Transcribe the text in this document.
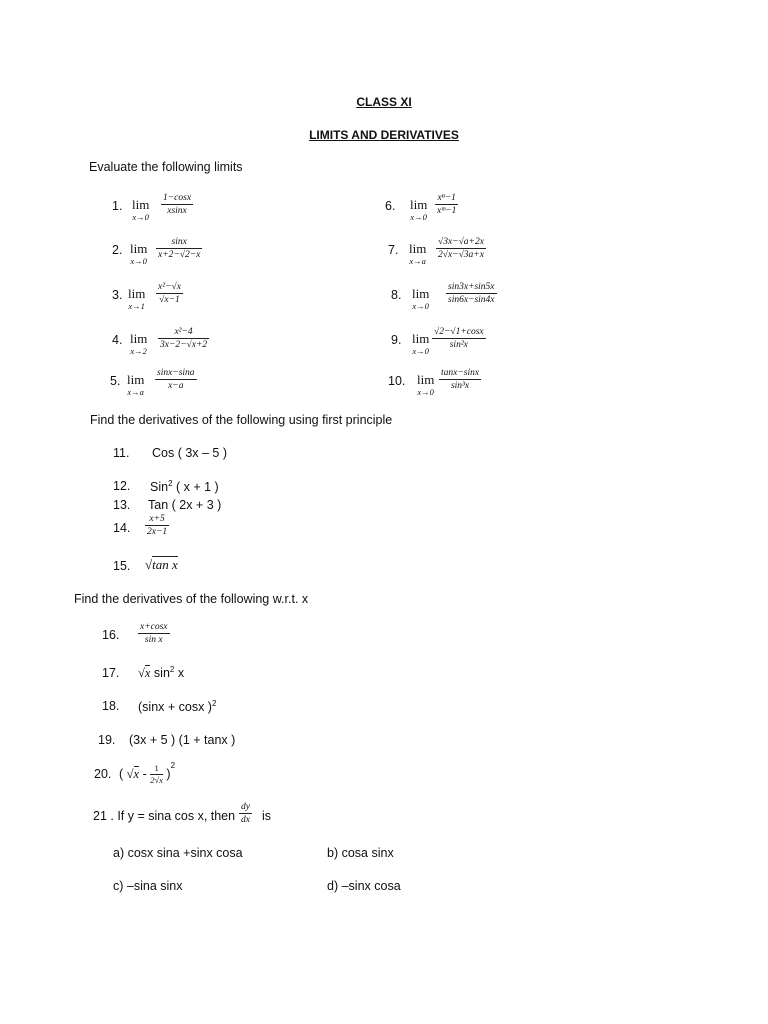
CLASS XI
LIMITS AND DERIVATIVES
Evaluate the following limits
1. lim
$x\to 0 \frac{1-\cos x}{xsinx}$
2. lim
$x\to 0 \frac{\sin x}{x+2-√2-x}$
3. lim
$x\to 1 \frac{\text{x²−√x}}{√x-1}$
4. lim
$x\to 2 \frac{\text{x²−4}}{3x-2-√x+2}$
5. lim
$x\to a \frac{\sin x-\sin a}{x-a}$
6. lim
$x\to 0 \frac{\text{xⁿ−1}}{\text{xᵐ−1}}$
7. lim
$x\to a \frac{√3x-√a+2x}{2√x-√3a+x}$
8. lim
$x\to 0 \frac{\sin 3x+\sin 5x}{\sin 6x-\sin 4x}$
9. lim
$x\to 0 \frac{√2-√1+\cos x}{\text{sin²x}}$
10. lim
$x\to 0 \frac{\tan x-\sin x}{\text{sin³x}}$
Find the derivatives of the following using first principle
11. Cos ( 3x – 5 )
12. Sin$^2$ ( x + 1 )
13. Tan ( 2x + 3 )
14. $\frac{x+5}{2x-1}$
15. √tan x
Find the derivatives of the following w.r.t. x
16. $\frac{x+\cos x}{\text{sin x}}$
17. √x $\sin^2 x$
18. (sinx + cosx )$^2$
19. (3x + 5 ) (1 + tanx )
20. ( $√x - \frac{1}{2√x} )^2$
21 . If y = sina cos x, then $\frac{dy}{dx}$ is
a) cosx sina +sinx cosa	b) cosa sinx
c) –sina sinx	d) –sinx cosa
